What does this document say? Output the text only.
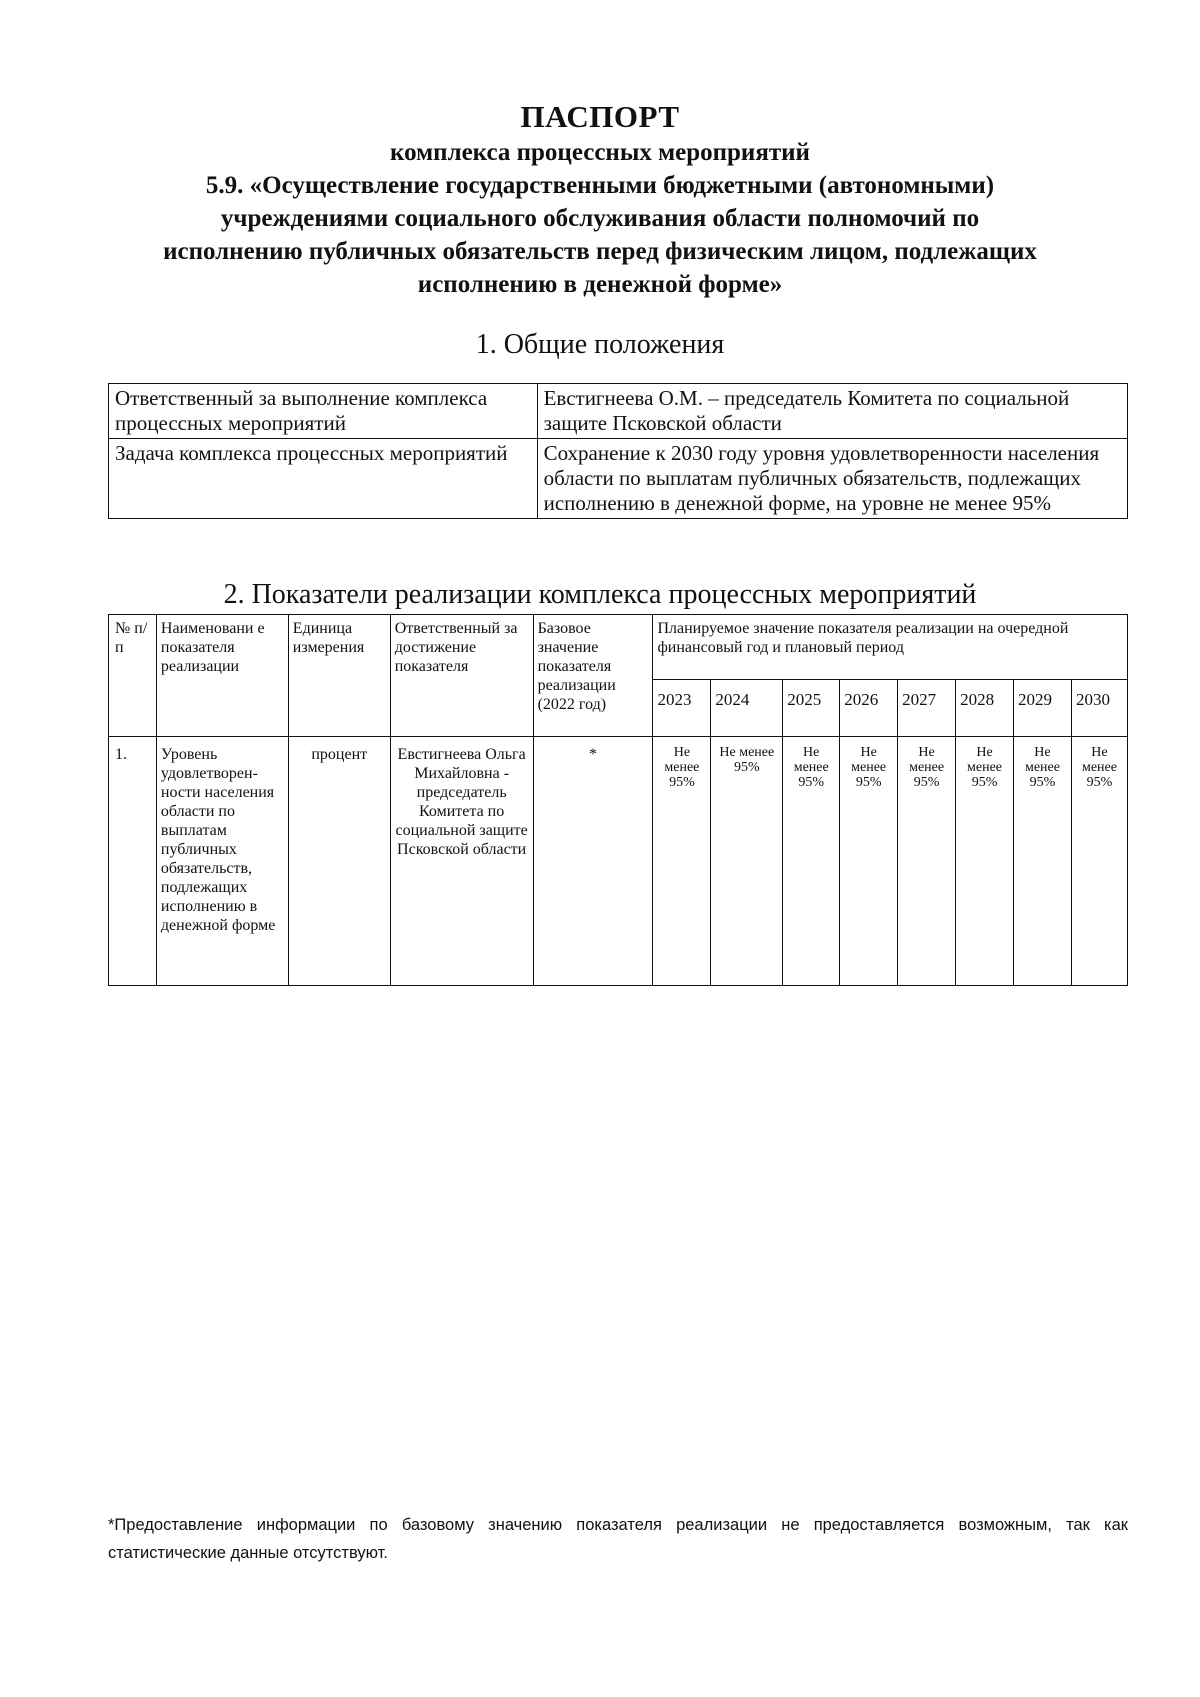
ПАСПОРТ
комплекса процессных мероприятий
5.9. «Осуществление государственными бюджетными (автономными)
учреждениями социального обслуживания области полномочий по
исполнению публичных обязательств перед физическим лицом, подлежащих
исполнению в денежной форме»
1. Общие положения
Ответственный за выполнение комплекса процессных мероприятий	Евстигнеева О.М. – председатель Комитета по социальной защите Псковской области
Задача комплекса процессных мероприятий	Сохранение к 2030 году уровня удовлетворенности населения области по выплатам публичных обязательств, подлежащих исполнению в денежной форме, на уровне не менее 95%
2. Показатели реализации комплекса процессных мероприятий
№ п/п	Наименовани е показателя реализации	Единица измерения	Ответственный за достижение показателя	Базовое значение показателя реализации (2022 год)	Планируемое значение показателя реализации на очередной финансовый год и плановый период							
					2023	2024	2025	2026	2027	2028	2029	2030
1.	Уровень удовлетворен-ности населения области по выплатам публичных обязательств, подлежащих исполнению в денежной форме	процент	Евстигнеева Ольга Михайловна - председатель Комитета по социальной защите Псковской области	*	Не менее 95%	Не менее 95%	Не менее 95%	Не менее 95%	Не менее 95%	Не менее 95%	Не менее 95%	Не менее 95%
*Предоставление информации по базовому значению показателя реализации не предоставляется возможным, так как статистические данные отсутствуют.
